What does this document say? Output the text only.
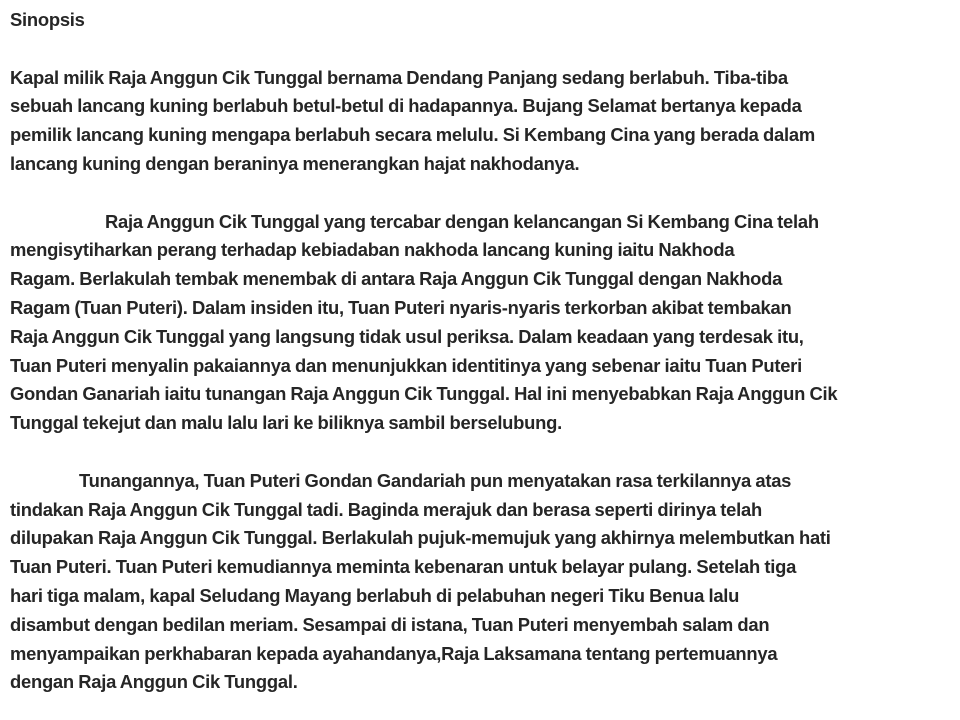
Sinopsis
Kapal milik Raja Anggun Cik Tunggal bernama Dendang Panjang sedang berlabuh. Tiba-tiba
sebuah lancang kuning berlabuh betul-betul di hadapannya. Bujang Selamat bertanya kepada
pemilik lancang kuning mengapa berlabuh secara melulu. Si Kembang Cina yang berada dalam
lancang kuning dengan beraninya menerangkan hajat nakhodanya.
Raja Anggun Cik Tunggal yang tercabar dengan kelancangan Si Kembang Cina telah
mengisytiharkan perang terhadap kebiadaban nakhoda lancang kuning iaitu Nakhoda
Ragam. Berlakulah tembak menembak di antara Raja Anggun Cik Tunggal dengan Nakhoda
Ragam (Tuan Puteri). Dalam insiden itu, Tuan Puteri nyaris-nyaris terkorban akibat tembakan
Raja Anggun Cik Tunggal yang langsung tidak usul periksa. Dalam keadaan yang terdesak itu,
Tuan Puteri menyalin pakaiannya dan menunjukkan identitinya yang sebenar iaitu Tuan Puteri
Gondan Ganariah iaitu tunangan Raja Anggun Cik Tunggal. Hal ini menyebabkan Raja Anggun Cik
Tunggal tekejut dan malu lalu lari ke biliknya sambil berselubung.
Tunangannya, Tuan Puteri Gondan Gandariah pun menyatakan rasa terkilannya atas
tindakan Raja Anggun Cik Tunggal tadi. Baginda merajuk dan berasa seperti dirinya telah
dilupakan Raja Anggun Cik Tunggal. Berlakulah pujuk-memujuk yang akhirnya melembutkan hati
Tuan Puteri. Tuan Puteri kemudiannya meminta kebenaran untuk belayar pulang. Setelah tiga
hari tiga malam, kapal Seludang Mayang berlabuh di pelabuhan negeri Tiku Benua lalu
disambut dengan bedilan meriam. Sesampai di istana, Tuan Puteri menyembah salam dan
menyampaikan perkhabaran kepada ayahandanya,Raja Laksamana tentang pertemuannya
dengan Raja Anggun Cik Tunggal.
